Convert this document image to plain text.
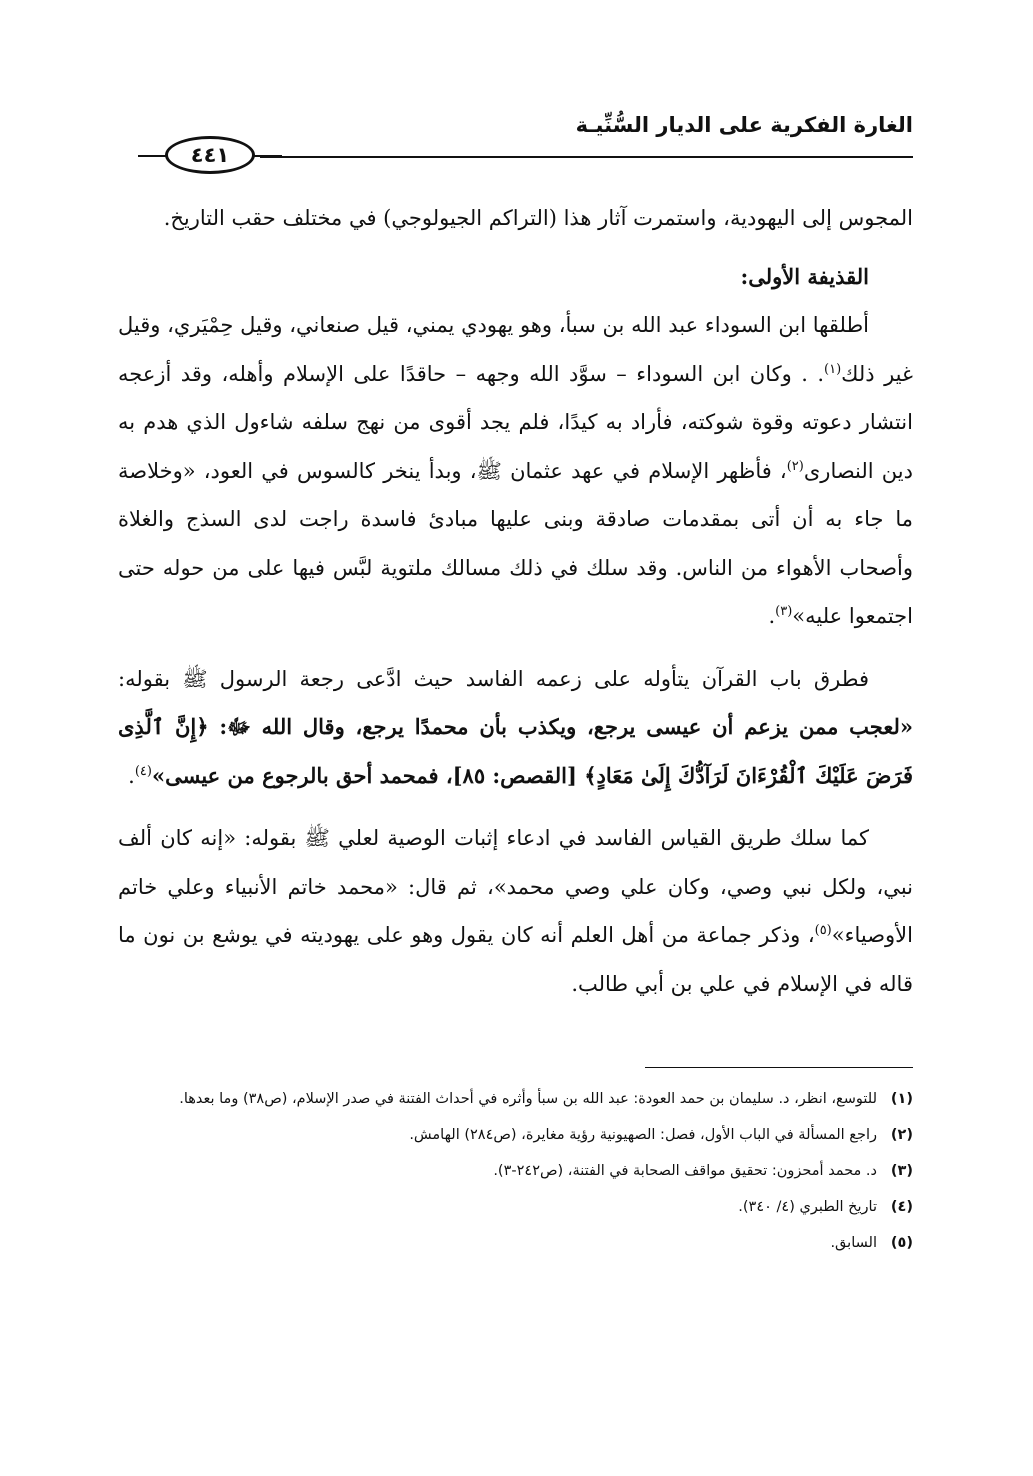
الغارة الفكرية على الديار السُّنِّيـة
٤٤١

المجوس إلى اليهودية، واستمرت آثار هذا (التراكم الجيولوجي) في مختلف حقب التاريخ.

القذيفة الأولى:

أطلقها ابن السوداء عبد الله بن سبأ، وهو يهودي يمني، قيل صنعاني، وقيل حِمْيَري، وقيل غير ذلك$^{(١)}$. . وكان ابن السوداء – سوَّد الله وجهه – حاقدًا على الإسلام وأهله، وقد أزعجه انتشار دعوته وقوة شوكته، فأراد به كيدًا، فلم يجد أقوى من نهج سلفه شاءول الذي هدم به دين النصارى$^{(٢)}$، فأظهر الإسلام في عهد عثمان ﷺ، وبدأ ينخر كالسوس في العود، «وخلاصة ما جاء به أن أتى بمقدمات صادقة وبنى عليها مبادئ فاسدة راجت لدى السذج والغلاة وأصحاب الأهواء من الناس. وقد سلك في ذلك مسالك ملتوية لبَّس فيها على من حوله حتى اجتمعوا عليه»$^{(٣)}$.

فطرق باب القرآن يتأوله على زعمه الفاسد حيث ادَّعى رجعة الرسول ﷺ بقوله: «لعجب ممن يزعم أن عيسى يرجع، ويكذب بأن محمدًا يرجع، وقال الله ﷻ: ﴿إِنَّ ٱلَّذِى فَرَضَ عَلَيْكَ ٱلْقُرْءَانَ لَرَآدُّكَ إِلَىٰ مَعَادٍ﴾ [القصص: ٨٥]، فمحمد أحق بالرجوع من عيسى»$^{(٤)}$.

كما سلك طريق القياس الفاسد في ادعاء إثبات الوصية لعلي ﷺ بقوله: «إنه كان ألف نبي، ولكل نبي وصي، وكان علي وصي محمد»، ثم قال: «محمد خاتم الأنبياء وعلي خاتم الأوصياء»$^{(٥)}$، وذكر جماعة من أهل العلم أنه كان يقول وهو على يهوديته في يوشع بن نون ما قاله في الإسلام في علي بن أبي طالب.

(١)
للتوسع، انظر، د. سليمان بن حمد العودة: عبد الله بن سبأ وأثره في أحداث الفتنة في صدر الإسلام، (ص٣٨) وما بعدها.
(٢)
راجع المسألة في الباب الأول، فصل: الصهيونية رؤية مغايرة، (ص٢٨٤) الهامش.
(٣)
د. محمد أمحزون: تحقيق مواقف الصحابة في الفتنة، (ص٢٤٢-٣).
(٤)
تاريخ الطبري (٤/ ٣٤٠).
(٥)
السابق.
